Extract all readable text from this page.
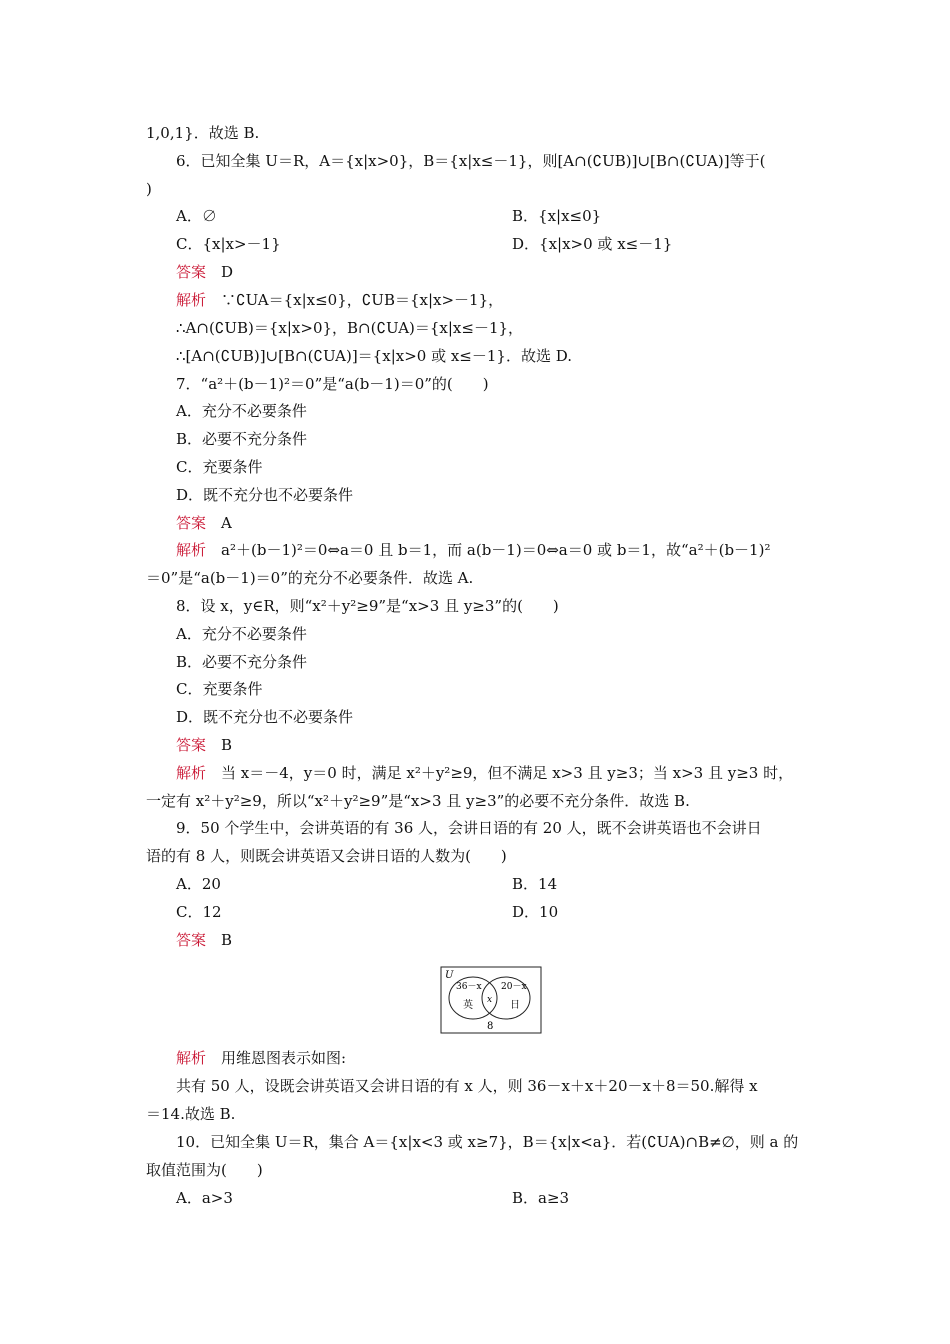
1,0,1}．故选 B.
6．已知全集 U＝R，A＝{x|x>0}，B＝{x|x≤－1}，则[A∩(∁UB)]∪[B∩(∁UA)]等于(
)
A．∅	B．{x|x≤0}
C．{x|x>－1}	D．{x|x>0 或 x≤－1}
答案　 D
解析　 ∵∁UA＝{x|x≤0}，∁UB＝{x|x>－1}，
∴A∩(∁UB)＝{x|x>0}，B∩(∁UA)＝{x|x≤－1}，
∴[A∩(∁UB)]∪[B∩(∁UA)]＝{x|x>0 或 x≤－1}．故选 D.
7．“a²＋(b－1)²＝0”是“a(b－1)＝0”的(　　)
A．充分不必要条件
B．必要不充分条件
C．充要条件
D．既不充分也不必要条件
答案　 A
解析　 a²＋(b－1)²＝0⇔a＝0 且 b＝1，而 a(b－1)＝0⇔a＝0 或 b＝1，故“a²＋(b－1)²
＝0”是“a(b－1)＝0”的充分不必要条件．故选 A.
8．设 x，y∈R，则“x²＋y²≥9”是“x>3 且 y≥3”的(　　)
A．充分不必要条件
B．必要不充分条件
C．充要条件
D．既不充分也不必要条件
答案　 B
解析　 当 x＝－4，y＝0 时，满足 x²＋y²≥9，但不满足 x>3 且 y≥3；当 x>3 且 y≥3 时，
一定有 x²＋y²≥9，所以“x²＋y²≥9”是“x>3 且 y≥3”的必要不充分条件．故选 B.
9．50 个学生中，会讲英语的有 36 人，会讲日语的有 20 人，既不会讲英语也不会讲日
语的有 8 人，则既会讲英语又会讲日语的人数为(　　)
A．20	B．14
C．12	D．10
答案　 B
U
36－x 20－x
x
英	日
8
解析　 用维恩图表示如图:
共有 50 人，设既会讲英语又会讲日语的有 x 人，则 36－x＋x＋20－x＋8＝50.解得 x
＝14.故选 B.
10．已知全集 U＝R，集合 A＝{x|x<3 或 x≥7}，B＝{x|x<a}．若(∁UA)∩B≠∅，则 a 的
取值范围为(　　)
A．a>3	B．a≥3
